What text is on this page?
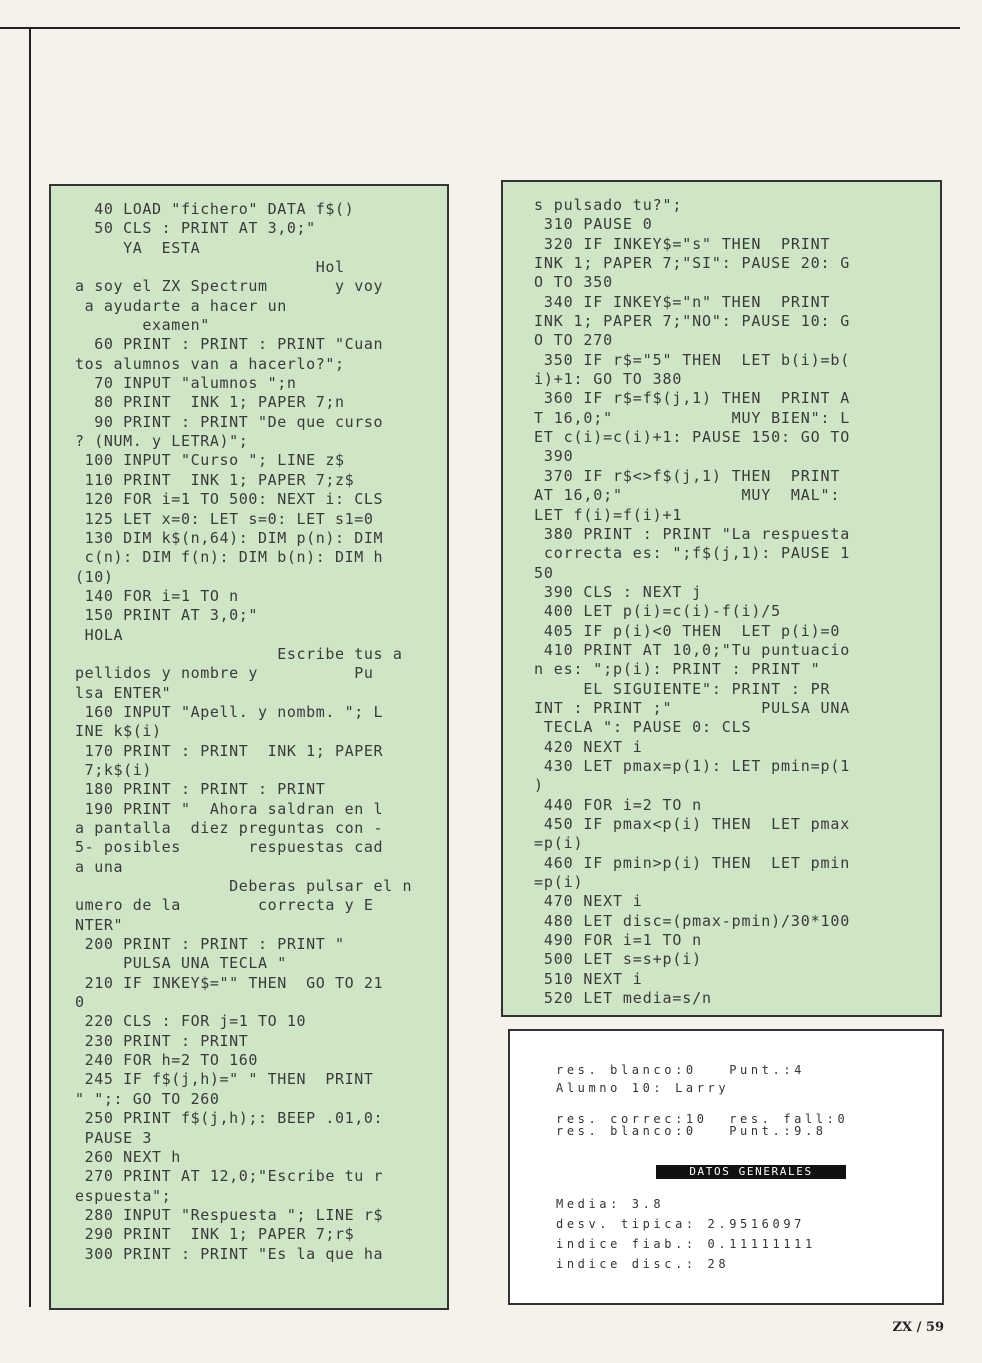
40 LOAD "fichero" DATA f$()

50 CLS : PRINT AT 3,0;"

YA  ESTA

Hol

a soy el ZX Spectrum       y voy

a ayudarte a hacer un

examen"

60 PRINT : PRINT : PRINT "Cuan

tos alumnos van a hacerlo?";

70 INPUT "alumnos ";n

80 PRINT  INK 1; PAPER 7;n

90 PRINT : PRINT "De que curso

? (NUM. y LETRA)";

100 INPUT "Curso "; LINE z$

110 PRINT  INK 1; PAPER 7;z$

120 FOR i=1 TO 500: NEXT i: CLS

125 LET x=0: LET s=0: LET s1=0

130 DIM k$(n,64): DIM p(n): DIM

c(n): DIM f(n): DIM b(n): DIM h

(10)

140 FOR i=1 TO n

150 PRINT AT 3,0;"

HOLA

Escribe tus a

pellidos y nombre y          Pu

lsa ENTER"

160 INPUT "Apell. y nombm. "; L

INE k$(i)

170 PRINT : PRINT  INK 1; PAPER

7;k$(i)

180 PRINT : PRINT : PRINT

190 PRINT "  Ahora saldran en l

a pantalla  diez preguntas con -

5- posibles       respuestas cad

a una

Deberas pulsar el n

umero de la        correcta y E

NTER"

200 PRINT : PRINT : PRINT "

PULSA UNA TECLA "

210 IF INKEY$="" THEN  GO TO 21

0

220 CLS : FOR j=1 TO 10

230 PRINT : PRINT

240 FOR h=2 TO 160

245 IF f$(j,h)=" " THEN  PRINT

" ";: GO TO 260

250 PRINT f$(j,h);: BEEP .01,0:

PAUSE 3

260 NEXT h

270 PRINT AT 12,0;"Escribe tu r

espuesta";

280 INPUT "Respuesta "; LINE r$

290 PRINT  INK 1; PAPER 7;r$

300 PRINT : PRINT "Es la que ha

s pulsado tu?";

310 PAUSE 0

320 IF INKEY$="s" THEN  PRINT

INK 1; PAPER 7;"SI": PAUSE 20: G

O TO 350

340 IF INKEY$="n" THEN  PRINT

INK 1; PAPER 7;"NO": PAUSE 10: G

O TO 270

350 IF r$="5" THEN  LET b(i)=b(

i)+1: GO TO 380

360 IF r$=f$(j,1) THEN  PRINT A

T 16,0;"            MUY BIEN": L

ET c(i)=c(i)+1: PAUSE 150: GO TO

390

370 IF r$<>f$(j,1) THEN  PRINT

AT 16,0;"            MUY  MAL":

LET f(i)=f(i)+1

380 PRINT : PRINT "La respuesta

correcta es: ";f$(j,1): PAUSE 1

50

390 CLS : NEXT j

400 LET p(i)=c(i)-f(i)/5

405 IF p(i)<0 THEN  LET p(i)=0

410 PRINT AT 10,0;"Tu puntuacio

n es: ";p(i): PRINT : PRINT "

EL SIGUIENTE": PRINT : PR

INT : PRINT ;"         PULSA UNA

TECLA ": PAUSE 0: CLS

420 NEXT i

430 LET pmax=p(1): LET pmin=p(1

)

440 FOR i=2 TO n

450 IF pmax<p(i) THEN  LET pmax

=p(i)

460 IF pmin>p(i) THEN  LET pmin

=p(i)

470 NEXT i

480 LET disc=(pmax-pmin)/30*100

490 FOR i=1 TO n

500 LET s=s+p(i)

510 NEXT i

520 LET media=s/n

res. blanco:0   Punt.:4

Alumno 10: Larry

res. correc:10  res. fall:0

res. blanco:0   Punt.:9.8

DATOS GENERALES

Media: 3.8

desv. tipica: 2.9516097

indice fiab.: 0.11111111

indice disc.: 28

ZX / 59
